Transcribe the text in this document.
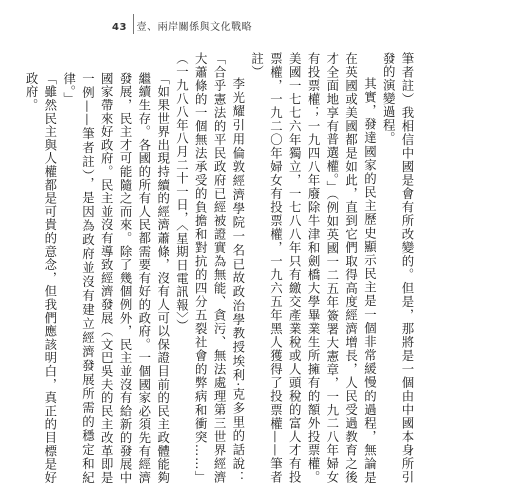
43 壹、兩岸關係與文化戰略

筆者註）我相信中國是會有所改變的。但是，那將是一個由中國本身所引發的演變過程。

其實，發達國家的民主歷史顯示民主是一個非常緩慢的過程，無論是在英國或美國都是如此，直到它們取得高度經濟增長，人民受過教育之後才全面地享有普選權。」（例如英國一二五年簽署大憲章，一九二八年婦女有投票權；一九四八年廢除牛津和劍橋大學畢業生所擁有的額外投票權。美國一七七六年獨立，一七八八年只有繳交產業稅或人頭稅的富人才有投票權，一九二〇年婦女有投票權，一九六五年黑人獲得了投票權——筆者註）

李光耀引用倫敦經濟學院一名已故政治學教授埃利·克多里的話說：「合乎憲法的平民政府已經被證實為無能、貪污、無法處理第三世界經濟大蕭條的一個無法承受的負擔和對抗的四分五裂社會的弊病和衝突……」（一九八八年八月二十一日，〈星期日電訊報〉）

「如果世界出現持續的經濟蕭條，沒有人可以保證目前的民主政體能夠繼續生存。各國的所有人民都需要有好的政府。一個國家必須先有經濟發展，民主才可能隨之而來。除了幾個例外，民主並沒有給新的發展中國家帶來好政府。民主並沒有導致經濟發展（文巴吳夫的民主改革即是一例——筆者註），是因為政府並沒有建立經濟發展所需的穩定和紀律。」

「雖然民主與人權都是可貴的意念，但我們應該明白，真正的目標是好政府。
